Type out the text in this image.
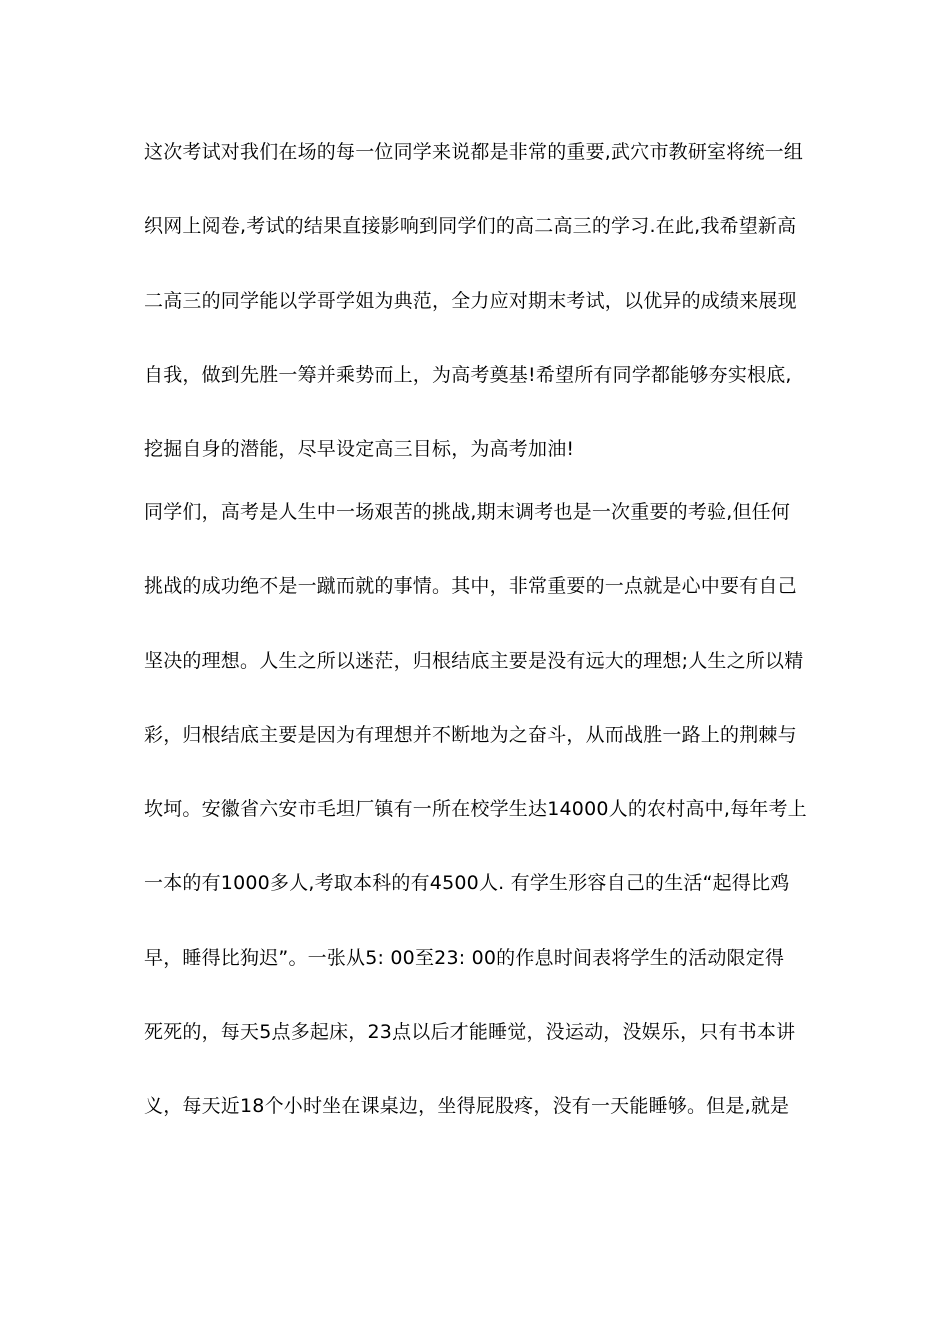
这次考试对我们在场的每一位同学来说都是非常的重要,武穴市教研室将统一组
织网上阅卷,考试的结果直接影响到同学们的高二高三的学习.在此,我希望新高
二高三的同学能以学哥学姐为典范，全力应对期末考试，以优异的成绩来展现
自我，做到先胜一筹并乘势而上，为高考奠基!希望所有同学都能够夯实根底,
挖掘自身的潜能，尽早设定高三目标，为高考加油!
同学们，高考是人生中一场艰苦的挑战,期末调考也是一次重要的考验,但任何
挑战的成功绝不是一蹴而就的事情。其中，非常重要的一点就是心中要有自己
坚决的理想。人生之所以迷茫，归根结底主要是没有远大的理想;人生之所以精
彩，归根结底主要是因为有理想并不断地为之奋斗，从而战胜一路上的荆棘与
坎坷。安徽省六安市毛坦厂镇有一所在校学生达14000人的农村高中,每年考上
一本的有1000多人,考取本科的有4500人. 有学生形容自己的生活“起得比鸡
早，睡得比狗迟”。一张从5: 00至23: 00的作息时间表将学生的活动限定得
死死的，每天5点多起床，23点以后才能睡觉，没运动，没娱乐，只有书本讲
义，每天近18个小时坐在课桌边，坐得屁股疼，没有一天能睡够。但是,就是
